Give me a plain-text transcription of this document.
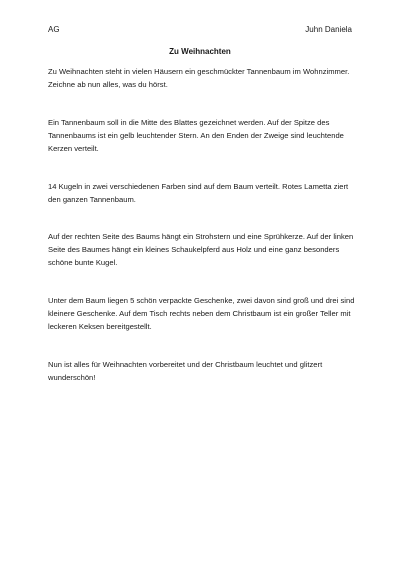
AG	Juhn Daniela
Zu Weihnachten

Zu Weihnachten steht in vielen Häusern ein geschmückter Tannenbaum im Wohnzimmer. Zeichne ab nun alles, was du hörst.

Ein Tannenbaum soll in die Mitte des Blattes gezeichnet werden. Auf der Spitze des Tannenbaums ist ein gelb leuchtender Stern. An den Enden der Zweige sind leuchtende Kerzen verteilt.

14 Kugeln in zwei verschiedenen Farben sind auf dem Baum verteilt. Rotes Lametta ziert den ganzen Tannenbaum.

Auf der rechten Seite des Baums hängt ein Strohstern und eine Sprühkerze. Auf der linken Seite des Baumes hängt ein kleines Schaukelpferd aus Holz und eine ganz besonders schöne bunte Kugel.

Unter dem Baum liegen 5 schön verpackte Geschenke, zwei davon sind groß und drei sind kleinere Geschenke. Auf dem Tisch rechts neben dem Christbaum ist ein großer Teller mit leckeren Keksen bereitgestellt.

Nun ist alles für Weihnachten vorbereitet und der Christbaum leuchtet und glitzert wunderschön!
